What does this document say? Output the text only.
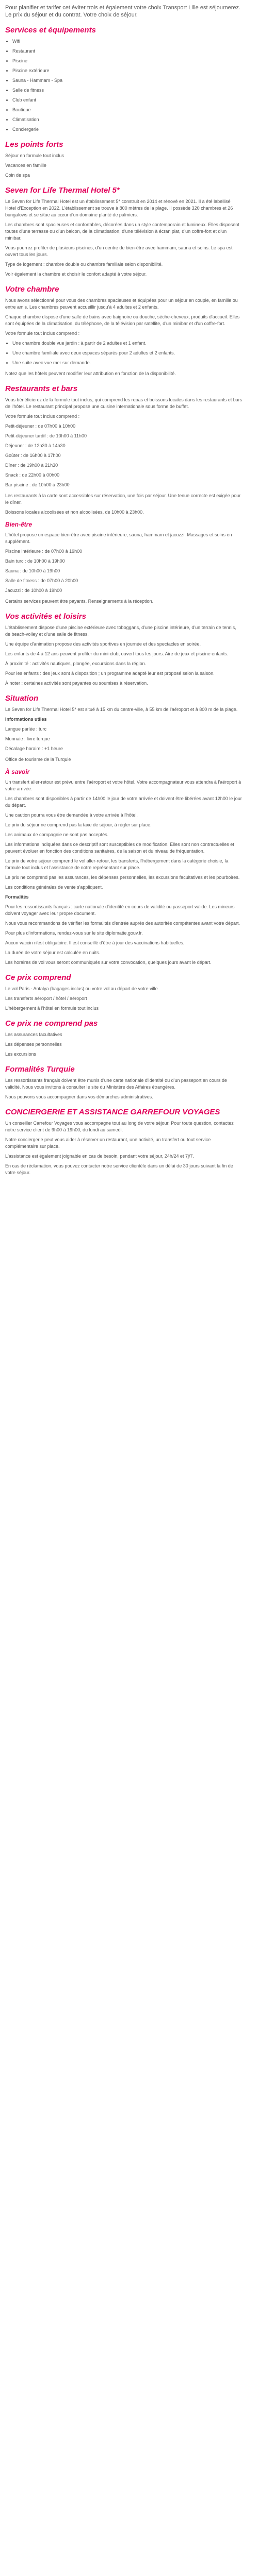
Pour planifier et tarifer cet éviter trois et également votre choix Transport Lille est séjournerez. Le prix du séjour et du contrat. Votre choix de séjour.

Services et équipements
• Wifi
• Restaurant
• Piscine
• Piscine extérieure
• Sauna - Hammam - Spa
• Salle de fitness
• Club enfant
• Boutique
• Climatisation
• Conciergerie
Les points forts
Séjour en formule tout inclus
Vacances en famille
Coin de spa
Seven for Life Thermal Hotel 5*

Le Seven for Life Thermal Hotel est un établissement 5* construit en 2014 et rénové en 2021. Il a été labellisé Hotel d'Exception en 2022. L'établissement se trouve à 800 mètres de la plage. Il possède 320 chambres et 26 bungalows et se situe au cœur d'un domaine planté de palmiers.

Les chambres sont spacieuses et confortables, décorées dans un style contemporain et lumineux. Elles disposent toutes d'une terrasse ou d'un balcon, de la climatisation, d'une télévision à écran plat, d'un coffre-fort et d'un minibar.

Vous pourrez profiter de plusieurs piscines, d'un centre de bien-être avec hammam, sauna et soins. Le spa est ouvert tous les jours.

Type de logement : chambre double ou chambre familiale selon disponibilité.

Voir également la chambre et choisir le confort adapté à votre séjour.

Votre chambre

Nous avons sélectionné pour vous des chambres spacieuses et équipées pour un séjour en couple, en famille ou entre amis. Les chambres peuvent accueillir jusqu'à 4 adultes et 2 enfants.

Chaque chambre dispose d'une salle de bains avec baignoire ou douche, sèche-cheveux, produits d'accueil. Elles sont équipées de la climatisation, du téléphone, de la télévision par satellite, d'un minibar et d'un coffre-fort.

Votre formule tout inclus comprend :

• Une chambre double vue jardin : à partir de 2 adultes et 1 enfant.
• Une chambre familiale avec deux espaces séparés pour 2 adultes et 2 enfants.
• Une suite avec vue mer sur demande.

Notez que les hôtels peuvent modifier leur attribution en fonction de la disponibilité.

Restaurants et bars

Vous bénéficierez de la formule tout inclus, qui comprend les repas et boissons locales dans les restaurants et bars de l'hôtel. Le restaurant principal propose une cuisine internationale sous forme de buffet.

Votre formule tout inclus comprend :

Petit-déjeuner : de 07h00 à 10h00
Petit-déjeuner tardif : de 10h00 à 11h00
Déjeuner : de 12h30 à 14h30
Goûter : de 16h00 à 17h00
Dîner : de 19h00 à 21h30
Snack : de 22h00 à 00h00
Bar piscine : de 10h00 à 23h00

Les restaurants à la carte sont accessibles sur réservation, une fois par séjour. Une tenue correcte est exigée pour le dîner.

Boissons locales alcoolisées et non alcoolisées, de 10h00 à 23h00.

Bien-être

L'hôtel propose un espace bien-être avec piscine intérieure, sauna, hammam et jacuzzi. Massages et soins en supplément.

Piscine intérieure : de 07h00 à 19h00
Bain turc : de 10h00 à 19h00
Sauna : de 10h00 à 19h00
Salle de fitness : de 07h00 à 20h00
Jacuzzi : de 10h00 à 19h00

Certains services peuvent être payants. Renseignements à la réception.

Vos activités et loisirs

L'établissement dispose d'une piscine extérieure avec toboggans, d'une piscine intérieure, d'un terrain de tennis, de beach-volley et d'une salle de fitness.

Une équipe d'animation propose des activités sportives en journée et des spectacles en soirée.

Les enfants de 4 à 12 ans peuvent profiter du mini-club, ouvert tous les jours. Aire de jeux et piscine enfants.

À proximité : activités nautiques, plongée, excursions dans la région.

Pour les enfants : des jeux sont à disposition ; un programme adapté leur est proposé selon la saison.

À noter : certaines activités sont payantes ou soumises à réservation.

Situation

Le Seven for Life Thermal Hotel 5* est situé à 15 km du centre-ville, à 55 km de l'aéroport et à 800 m de la plage.

Informations utiles

Langue parlée : turc
Monnaie : livre turque
Décalage horaire : +1 heure

Office de tourisme de la Turquie

À savoir

Un transfert aller-retour est prévu entre l'aéroport et votre hôtel. Votre accompagnateur vous attendra à l'aéroport à votre arrivée.

Les chambres sont disponibles à partir de 14h00 le jour de votre arrivée et doivent être libérées avant 12h00 le jour du départ.

Une caution pourra vous être demandée à votre arrivée à l'hôtel.

Le prix du séjour ne comprend pas la taxe de séjour, à régler sur place.

Les animaux de compagnie ne sont pas acceptés.

Les informations indiquées dans ce descriptif sont susceptibles de modification. Elles sont non contractuelles et peuvent évoluer en fonction des conditions sanitaires, de la saison et du niveau de fréquentation.

Le prix de votre séjour comprend le vol aller-retour, les transferts, l'hébergement dans la catégorie choisie, la formule tout inclus et l'assistance de notre représentant sur place.

Le prix ne comprend pas les assurances, les dépenses personnelles, les excursions facultatives et les pourboires.

Les conditions générales de vente s'appliquent.

Formalités

Pour les ressortissants français : carte nationale d'identité en cours de validité ou passeport valide. Les mineurs doivent voyager avec leur propre document.

Nous vous recommandons de vérifier les formalités d'entrée auprès des autorités compétentes avant votre départ.

Pour plus d'informations, rendez-vous sur le site diplomatie.gouv.fr.

Aucun vaccin n'est obligatoire. Il est conseillé d'être à jour des vaccinations habituelles.

La durée de votre séjour est calculée en nuits.

Les horaires de vol vous seront communiqués sur votre convocation, quelques jours avant le départ.

Ce prix comprend
Le vol Paris - Antalya (bagages inclus) ou votre vol au départ de votre ville
Les transferts aéroport / hôtel / aéroport
L'hébergement à l'hôtel en formule tout inclus
Ce prix ne comprend pas
Les assurances facultatives
Les dépenses personnelles
Les excursions
Formalités Turquie

Les ressortissants français doivent être munis d'une carte nationale d'identité ou d'un passeport en cours de validité. Nous vous invitons à consulter le site du Ministère des Affaires étrangères.

Nous pouvons vous accompagner dans vos démarches administratives.

CONCIERGERIE ET ASSISTANCE GARREFOUR VOYAGES

Un conseiller Carrefour Voyages vous accompagne tout au long de votre séjour. Pour toute question, contactez notre service client de 9h00 à 19h00, du lundi au samedi.

Notre conciergerie peut vous aider à réserver un restaurant, une activité, un transfert ou tout service complémentaire sur place.

L'assistance est également joignable en cas de besoin, pendant votre séjour, 24h/24 et 7j/7.

En cas de réclamation, vous pouvez contacter notre service clientèle dans un délai de 30 jours suivant la fin de votre séjour.
